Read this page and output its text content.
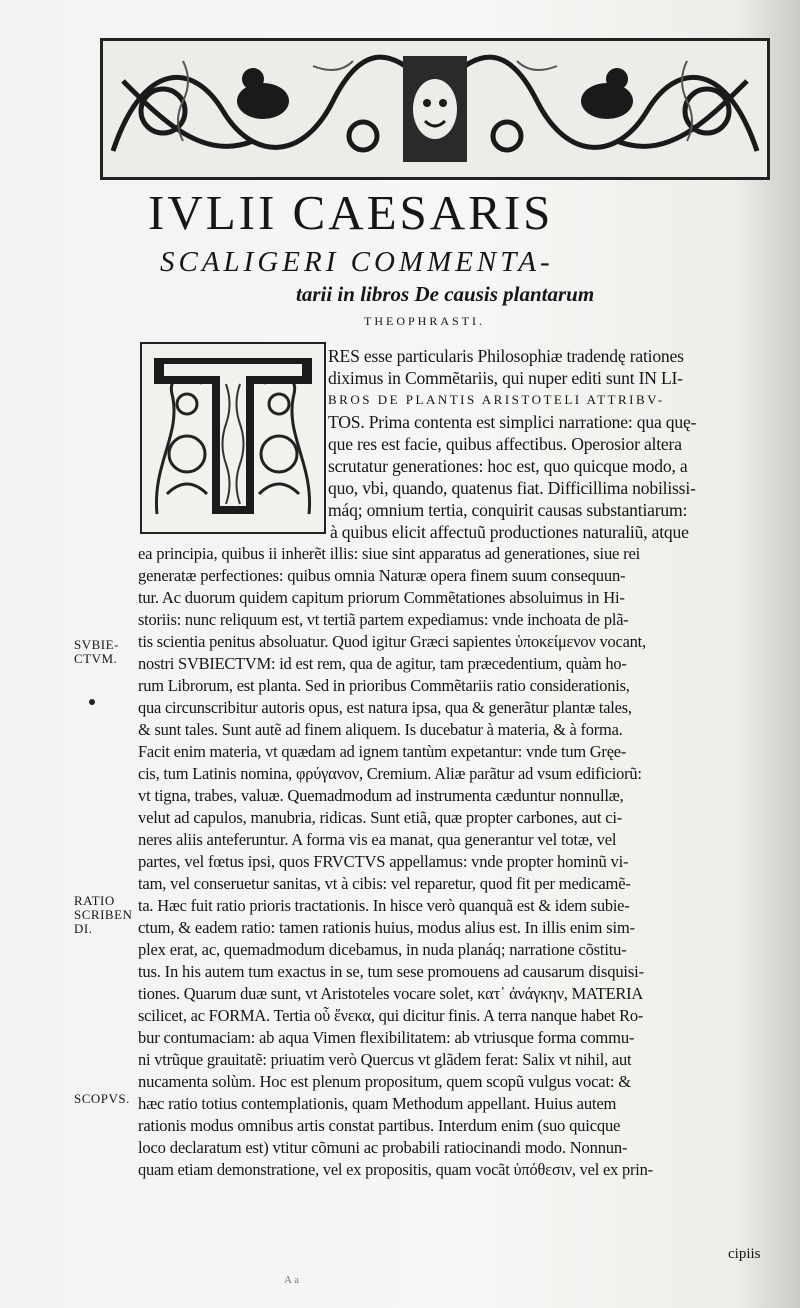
IVLII CAESARIS
SCALIGERI COMMENTA-
tarii in libros De causis plantarum
THEOPHRASTI.
RES esse particularis Philosophiæ tradendę rationes
diximus in Commẽtariis, qui nuper editi sunt IN LI-
BROS DE PLANTIS ARISTOTELI ATTRIBV-
TOS. Prima contenta est simplici narratione: qua quę-
que res est facie, quibus affectibus. Operosior altera
scrutatur generationes: hoc est, quo quicque modo, a
quo, vbi, quando, quatenus fiat. Difficillima nobilissi-
máq; omnium tertia, conquirit causas substantiarum:
à quibus elicit affectuũ productiones naturaliũ, atque
ea principia, quibus ii inherẽt illis: siue sint apparatus ad generationes, siue rei
generatæ perfectiones: quibus omnia Naturæ opera finem suum consequun-
tur. Ac duorum quidem capitum priorum Commẽtationes absoluimus in Hi-
storiis: nunc reliquum est, vt tertiã partem expediamus: vnde inchoata de plã-
tis scientia penitus absoluatur. Quod igitur Græci sapientes ὑποκείμενον vocant,
nostri SVBIECTVM: id est rem, qua de agitur, tam præcedentium, quàm ho-
rum Librorum, est planta. Sed in prioribus Commẽtariis ratio considerationis,
qua circunscribitur autoris opus, est natura ipsa, qua & generãtur plantæ tales,
& sunt tales. Sunt autẽ ad finem aliquem. Is ducebatur à materia, & à forma.
Facit enim materia, vt quædam ad ignem tantùm expetantur: vnde tum Gręe-
cis, tum Latinis nomina, φρύγανον, Cremium. Aliæ parãtur ad vsum edificiorũ:
vt tigna, trabes, valuæ. Quemadmodum ad instrumenta cæduntur nonnullæ,
velut ad capulos, manubria, ridicas. Sunt etiã, quæ propter carbones, aut ci-
neres aliis anteferuntur. A forma vis ea manat, qua generantur vel totæ, vel
partes, vel fœtus ipsi, quos FRVCTVS appellamus: vnde propter hominũ vi-
tam, vel conseruetur sanitas, vt à cibis: vel reparetur, quod fit per medicamẽ-
ta. Hæc fuit ratio prioris tractationis. In hisce verò quanquã est & idem subie-
ctum, & eadem ratio: tamen rationis huius, modus alius est. In illis enim sim-
plex erat, ac, quemadmodum dicebamus, in nuda planáq; narratione cõstitu-
tus. In his autem tum exactus in se, tum sese promouens ad causarum disquisi-
tiones. Quarum duæ sunt, vt Aristoteles vocare solet, κατ᾽ ἀνάγκην, MATERIA
scilicet, ac FORMA. Tertia οὗ ἕνεκα, qui dicitur finis. A terra nanque habet Ro-
bur contumaciam: ab aqua Vimen flexibilitatem: ab vtriusque forma commu-
ni vtrũque grauitatẽ: priuatim verò Quercus vt glãdem ferat: Salix vt nihil, aut
nucamenta solùm. Hoc est plenum propositum, quem scopũ vulgus vocat: &
hæc ratio totius contemplationis, quam Methodum appellant. Huius autem
rationis modus omnibus artis constat partibus. Interdum enim (suo quicque
loco declaratum est) vtitur cõmuni ac probabili ratiocinandi modo. Nonnun-
quam etiam demonstratione, vel ex propositis, quam vocãt ὑπόθεσιν, vel ex prin-
SVBIE-
CTVM.
RATIO
SCRIBEN
DI.
SCOPVS.
cipiis
A a
